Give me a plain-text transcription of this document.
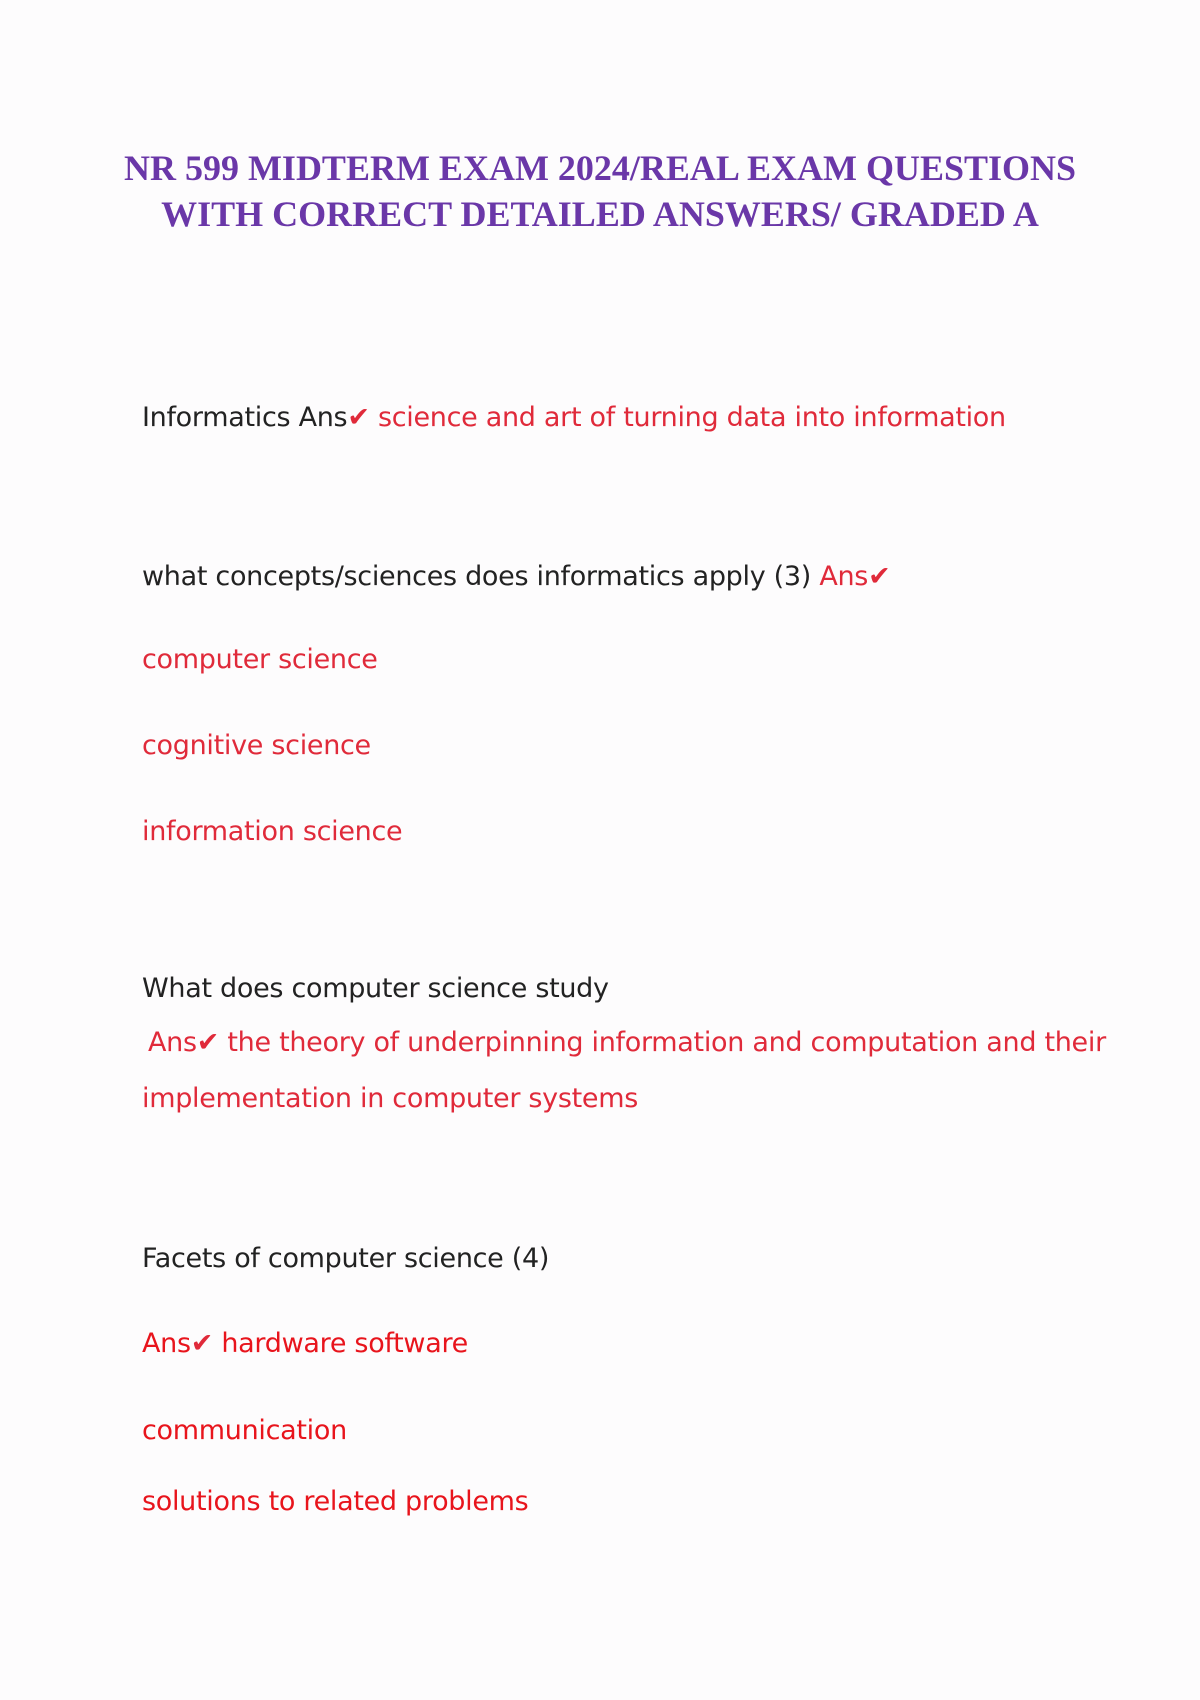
NR 599 MIDTERM EXAM 2024/REAL EXAM QUESTIONS
WITH CORRECT DETAILED ANSWERS/ GRADED A

Informatics Ans✔ science and art of turning data into information

what concepts/sciences does informatics apply (3) Ans✔

computer science

cognitive science

information science

What does computer science study

Ans✔ the theory of underpinning information and computation and their

implementation in computer systems

Facets of computer science (4)

Ans✔ hardware software

communication

solutions to related problems
